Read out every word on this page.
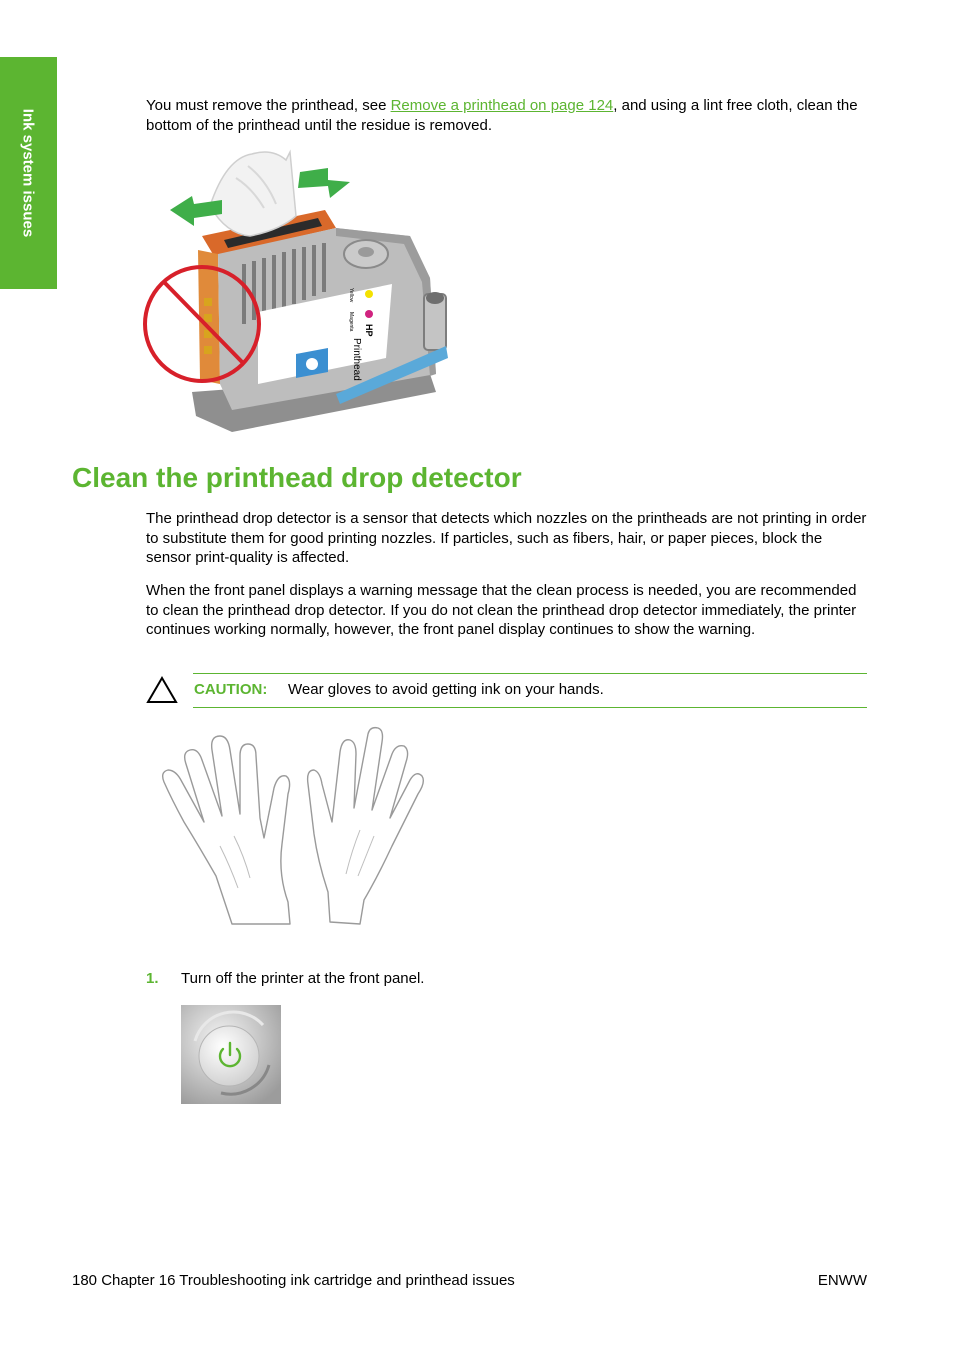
Ink system issues

You must remove the printhead, see Remove a printhead on page 124, and using a lint free cloth, clean the bottom of the printhead until the residue is removed.

HP
Printhead
Yellow
Magenta
Clean the printhead drop detector

The printhead drop detector is a sensor that detects which nozzles on the printheads are not printing in order to substitute them for good printing nozzles. If particles, such as fibers, hair, or paper pieces, block the sensor print-quality is affected.

When the front panel displays a warning message that the clean process is needed, you are recommended to clean the printhead drop detector. If you do not clean the printhead drop detector immediately, the printer continues working normally, however, the front panel display continues to show the warning.

CAUTION: Wear gloves to avoid getting ink on your hands.
1. Turn off the printer at the front panel.
180 Chapter 16 Troubleshooting ink cartridge and printhead issues	ENWW
